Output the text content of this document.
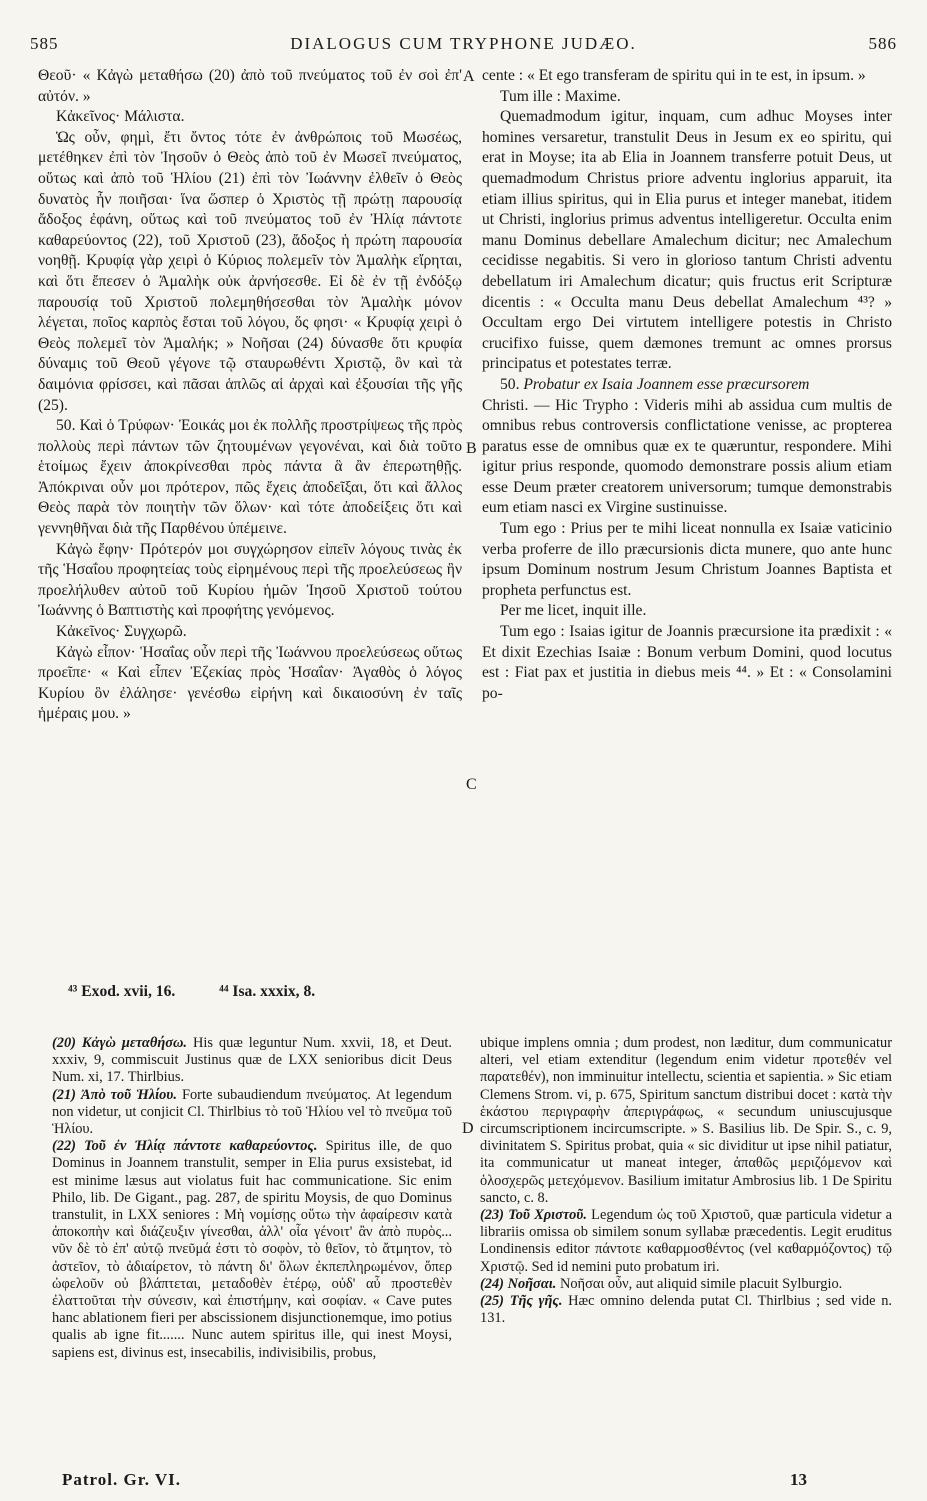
585	DIALOGUS CUM TRYPHONE JUDÆO.	586

Θεοῦ· « Κἀγὼ μεταθήσω (20) ἀπὸ τοῦ πνεύματος τοῦ ἐν σοὶ ἐπ' αὐτόν. »

Κἀκεῖνος· Μάλιστα.

Ὡς οὖν, φημὶ, ἔτι ὄντος τότε ἐν ἀνθρώποις τοῦ Μωσέως, μετέθηκεν ἐπὶ τὸν Ἰησοῦν ὁ Θεὸς ἀπὸ τοῦ ἐν Μωσεῖ πνεύματος, οὕτως καὶ ἀπὸ τοῦ Ἡλίου (21) ἐπὶ τὸν Ἰωάννην ἐλθεῖν ὁ Θεὸς δυνατὸς ἦν ποιῆσαι· ἵνα ὥσπερ ὁ Χριστὸς τῇ πρώτῃ παρουσίᾳ ἄδοξος ἐφάνη, οὕτως καὶ τοῦ πνεύματος τοῦ ἐν Ἠλίᾳ πάντοτε καθαρεύοντος (22), τοῦ Χριστοῦ (23), ἄδοξος ἡ πρώτη παρουσία νοηθῇ. Κρυφίᾳ γὰρ χειρὶ ὁ Κύριος πολεμεῖν τὸν Ἀμαλὴκ εἴρηται, καὶ ὅτι ἔπεσεν ὁ Ἀμαλὴκ οὐκ ἀρνήσεσθε. Εἰ δὲ ἐν τῇ ἐνδόξῳ παρουσίᾳ τοῦ Χριστοῦ πολεμηθήσεσθαι τὸν Ἀμαλὴκ μόνον λέγεται, ποῖος καρπὸς ἔσται τοῦ λόγου, ὅς φησι· « Κρυφίᾳ χειρὶ ὁ Θεὸς πολεμεῖ τὸν Ἀμαλήκ; » Νοῆσαι (24) δύνασθε ὅτι κρυφία δύναμις τοῦ Θεοῦ γέγονε τῷ σταυρωθέντι Χριστῷ, ὃν καὶ τὰ δαιμόνια φρίσσει, καὶ πᾶσαι ἁπλῶς αἱ ἀρχαὶ καὶ ἐξουσίαι τῆς γῆς (25).

50. Καὶ ὁ Τρύφων· Ἐοικάς μοι ἐκ πολλῆς προστρίψεως τῆς πρὸς πολλοὺς περὶ πάντων τῶν ζητουμένων γεγονέναι, καὶ διὰ τοῦτο ἑτοίμως ἔχειν ἀποκρίνεσθαι πρὸς πάντα ἃ ἂν ἐπερωτηθῇς. Ἀπόκριναι οὖν μοι πρότερον, πῶς ἔχεις ἀποδεῖξαι, ὅτι καὶ ἄλλος Θεὸς παρὰ τὸν ποιητὴν τῶν ὅλων· καὶ τότε ἀποδείξεις ὅτι καὶ γεννηθῆναι διὰ τῆς Παρθένου ὑπέμεινε.

Κἀγὼ ἔφην· Πρότερόν μοι συγχώρησον εἰπεῖν λόγους τινὰς ἐκ τῆς Ἡσαΐου προφητείας τοὺς εἰρημένους περὶ τῆς προελεύσεως ἣν προελήλυθεν αὐτοῦ τοῦ Κυρίου ἡμῶν Ἰησοῦ Χριστοῦ τούτου Ἰωάννης ὁ Βαπτιστὴς καὶ προφήτης γενόμενος.

Κἀκεῖνος· Συγχωρῶ.

Κἀγὼ εἶπον· Ἡσαΐας οὖν περὶ τῆς Ἰωάννου προελεύσεως οὕτως προεῖπε· « Καὶ εἶπεν Ἐζεκίας πρὸς Ἡσαΐαν· Ἀγαθὸς ὁ λόγος Κυρίου ὃν ἐλάλησε· γενέσθω εἰρήνη καὶ δικαιοσύνη ἐν ταῖς ἡμέραις μου. »

cente : « Et ego transferam de spiritu qui in te est, in ipsum. »

Tum ille : Maxime.

Quemadmodum igitur, inquam, cum adhuc Moyses inter homines versaretur, transtulit Deus in Jesum ex eo spiritu, qui erat in Moyse; ita ab Elia in Joannem transferre potuit Deus, ut quemadmodum Christus priore adventu inglorius apparuit, ita etiam illius spiritus, qui in Elia purus et integer manebat, itidem ut Christi, inglorius primus adventus intelligeretur. Occulta enim manu Dominus debellare Amalechum dicitur; nec Amalechum cecidisse negabitis. Si vero in glorioso tantum Christi adventu debellatum iri Amalechum dicatur; quis fructus erit Scripturæ dicentis : « Occulta manu Deus debellat Amalechum ⁴³? » Occultam ergo Dei virtutem intelligere potestis in Christo crucifixo fuisse, quem dæmones tremunt ac omnes prorsus principatus et potestates terræ.

50. Probatur ex Isaia Joannem esse præcursorem

Christi. — Hic Trypho : Videris mihi ab assidua cum multis de omnibus rebus controversis conflictatione venisse, ac propterea paratus esse de omnibus quæ ex te quæruntur, respondere. Mihi igitur prius responde, quomodo demonstrare possis alium etiam esse Deum præter creatorem universorum; tumque demonstrabis eum etiam nasci ex Virgine sustinuisse.

Tum ego : Prius per te mihi liceat nonnulla ex Isaiæ vaticinio verba proferre de illo præcursionis dicta munere, quo ante hunc ipsum Dominum nostrum Jesum Christum Joannes Baptista et propheta perfunctus est.

Per me licet, inquit ille.

Tum ego : Isaias igitur de Joannis præcursione ita prædixit : « Et dixit Ezechias Isaiæ : Bonum verbum Domini, quod locutus est : Fiat pax et justitia in diebus meis ⁴⁴. » Et : « Consolamini po-

A
B
C
D
⁴³ Exod. xvii, 16.	⁴⁴ Isa. xxxix, 8.

(20) Κἀγὼ μεταθήσω. His quæ leguntur Num. xxvii, 18, et Deut. xxxiv, 9, commiscuit Justinus quæ de LXX senioribus dicit Deus Num. xi, 17. Thirlbius.

(21) Ἀπὸ τοῦ Ἡλίου. Forte subaudiendum πνεύματος. At legendum non videtur, ut conjicit Cl. Thirlbius τὸ τοῦ Ἡλίου vel τὸ πνεῦμα τοῦ Ἡλίου.

(22) Τοῦ ἐν Ἠλίᾳ πάντοτε καθαρεύοντος. Spiritus ille, de quo Dominus in Joannem transtulit, semper in Elia purus exsistebat, id est minime læsus aut violatus fuit hac communicatione. Sic enim Philo, lib. De Gigant., pag. 287, de spiritu Moysis, de quo Dominus transtulit, in LXX seniores : Μὴ νομίσῃς οὕτω τὴν ἀφαίρεσιν κατὰ ἀποκοπὴν καὶ διάζευξιν γίνεσθαι, ἀλλ' οἷα γένοιτ' ἂν ἀπὸ πυρὸς... νῦν δὲ τὸ ἐπ' αὐτῷ πνεῦμά ἐστι τὸ σοφὸν, τὸ θεῖον, τὸ ἄτμητον, τὸ ἀστεῖον, τὸ ἀδιαίρετον, τὸ πάντη δι' ὅλων ἐκπεπληρωμένον, ὅπερ ὠφελοῦν οὐ βλάπτεται, μεταδοθὲν ἑτέρῳ, οὐδ' αὖ προστεθὲν ἐλαττοῦται τὴν σύνεσιν, καὶ ἐπιστήμην, καὶ σοφίαν. « Cave putes hanc ablationem fieri per abscissionem disjunctionemque, imo potius qualis ab igne fit....... Nunc autem spiritus ille, qui inest Moysi, sapiens est, divinus est, insecabilis, indivisibilis, probus,

ubique implens omnia ; dum prodest, non læditur, dum communicatur alteri, vel etiam extenditur (legendum enim videtur προτεθέν vel παρατεθέν), non imminuitur intellectu, scientia et sapientia. » Sic etiam Clemens Strom. vi, p. 675, Spiritum sanctum distribui docet : κατὰ τὴν ἑκάστου περιγραφὴν ἀπεριγράφως, « secundum uniuscujusque circumscriptionem incircumscripte. » S. Basilius lib. De Spir. S., c. 9, divinitatem S. Spiritus probat, quia « sic dividitur ut ipse nihil patiatur, ita communicatur ut maneat integer, ἀπαθῶς μεριζόμενον καὶ ὁλοσχερῶς μετεχόμενον. Basilium imitatur Ambrosius lib. 1 De Spiritu sancto, c. 8.

(23) Τοῦ Χριστοῦ. Legendum ὡς τοῦ Χριστοῦ, quæ particula videtur a librariis omissa ob similem sonum syllabæ præcedentis. Legit eruditus Londinensis editor πάντοτε καθαρμοσθέντος (vel καθαρμόζοντος) τῷ Χριστῷ. Sed id nemini puto probatum iri.

(24) Νοῆσαι. Νοῆσαι οὖν, aut aliquid simile placuit Sylburgio.

(25) Τῆς γῆς. Hæc omnino delenda putat Cl. Thirlbius ; sed vide n. 131.

Patrol. Gr. VI.	13
